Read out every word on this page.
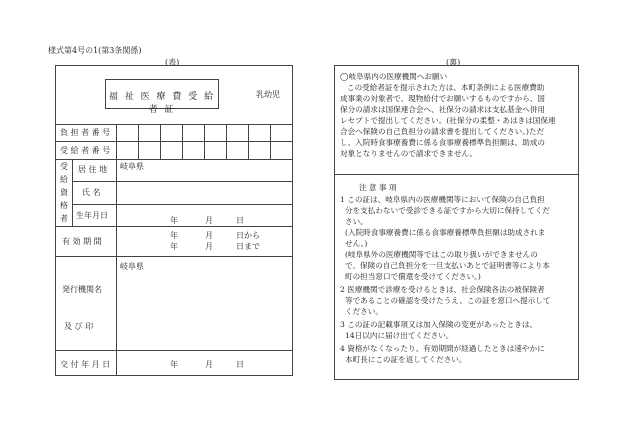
様式第4号の1(第3条関係)
(表)	(裏)
福 祉 医 療 費 受 給 者 証
乳幼児
負 担 者 番 号
受 給 者 番 号
受
給
資
格
者
居 住 地 岐阜県
氏 名
生年月日
年	月	日
有 効 期 間
年	月	日から
年	月	日まで
発行機関名
岐阜県
及 び 印
交 付 年 月 日	年	月	日
◯岐阜県内の医療機関へお願い
この受給者証を提示された方は、本町条例による医療費助
成事業の対象者で、現物給付でお願いするものですから、国
保分の請求は国保連合会へ、社保分の請求は支払基金へ併用
レセプトで提出してください。(社保分の柔整・あはきは国保連
合会へ保険の自己負担分の請求書を提出してください。)ただ
し、入院時食事療養費に係る食事療養標準負担額は、助成の
対象となりませんので請求できません。
注 意 事 項
1 この証は、岐阜県内の医療機関等において保険の自己負担
分を支払わないで受診できる証ですから大切に保持してくだ
さい。
(入院時食事療養費に係る食事療養標準負担額は助成されま
せん。)
(岐阜県外の医療機関等ではこの取り扱いができませんの
で、保険の自己負担分を一旦支払いあとで証明書等により本
町の担当窓口で償還を受けてください。)
2 医療機関で診療を受けるときは、社会保険各法の被保険者
等であることの確認を受けたうえ、この証を窓口へ提示して
ください。
3 この証の記載事項又は加入保険の変更があったときは、
14日以内に届け出てください。
4 資格がなくなったり、有効期間が経過したときは速やかに
本町長にこの証を返してください。
